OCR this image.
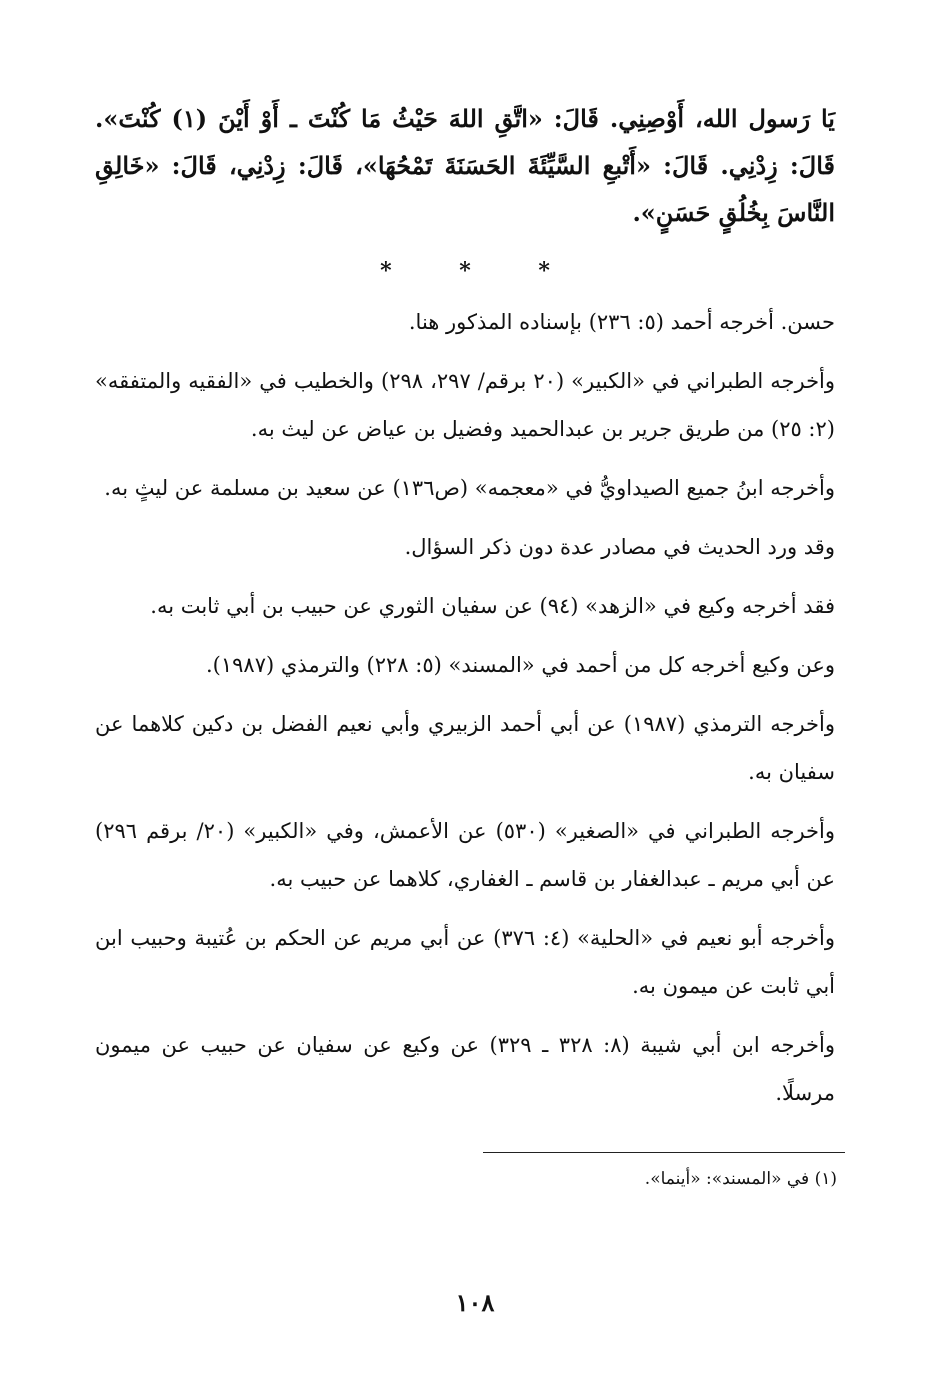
يَا رَسول الله، أَوْصِنِي. قَالَ: «اتَّقِ اللهَ حَيْثُ مَا كُنْتَ ـ أَوْ أَيْنَ (١) كُنْتَ». قَالَ: زِدْنِي. قَالَ: «أَتْبعِ السَّيِّئَةَ الحَسَنَةَ تَمْحُهَا»، قَالَ: زِدْنِي، قَالَ: «خَالِقِ النَّاسَ بِخُلُقٍ حَسَنٍ».

* * *

حسن. أخرجه أحمد (٥: ٢٣٦) بإسناده المذكور هنا.

وأخرجه الطبراني في «الكبير» (٢٠ برقم/ ٢٩٧، ٢٩٨) والخطيب في «الفقيه والمتفقه» (٢: ٢٥) من طريق جرير بن عبدالحميد وفضيل بن عياض عن ليث به.

وأخرجه ابنُ جميع الصيداويُّ في «معجمه» (ص١٣٦) عن سعيد بن مسلمة عن ليثٍ به.

وقد ورد الحديث في مصادر عدة دون ذكر السؤال.

فقد أخرجه وكيع في «الزهد» (٩٤) عن سفيان الثوري عن حبيب بن أبي ثابت به.

وعن وكيع أخرجه كل من أحمد في «المسند» (٥: ٢٢٨) والترمذي (١٩٨٧).

وأخرجه الترمذي (١٩٨٧) عن أبي أحمد الزبيري وأبي نعيم الفضل بن دكين كلاهما عن سفيان به.

وأخرجه الطبراني في «الصغير» (٥٣٠) عن الأعمش، وفي «الكبير» (٢٠/ برقم ٢٩٦) عن أبي مريم ـ عبدالغفار بن قاسم ـ الغفاري، كلاهما عن حبيب به.

وأخرجه أبو نعيم في «الحلية» (٤: ٣٧٦) عن أبي مريم عن الحكم بن عُتيبة وحبيب ابن أبي ثابت عن ميمون به.

وأخرجه ابن أبي شيبة (٨: ٣٢٨ ـ ٣٢٩) عن وكيع عن سفيان عن حبيب عن ميمون مرسلًا.

(١) في «المسند»: «أينما».
١٠٨
